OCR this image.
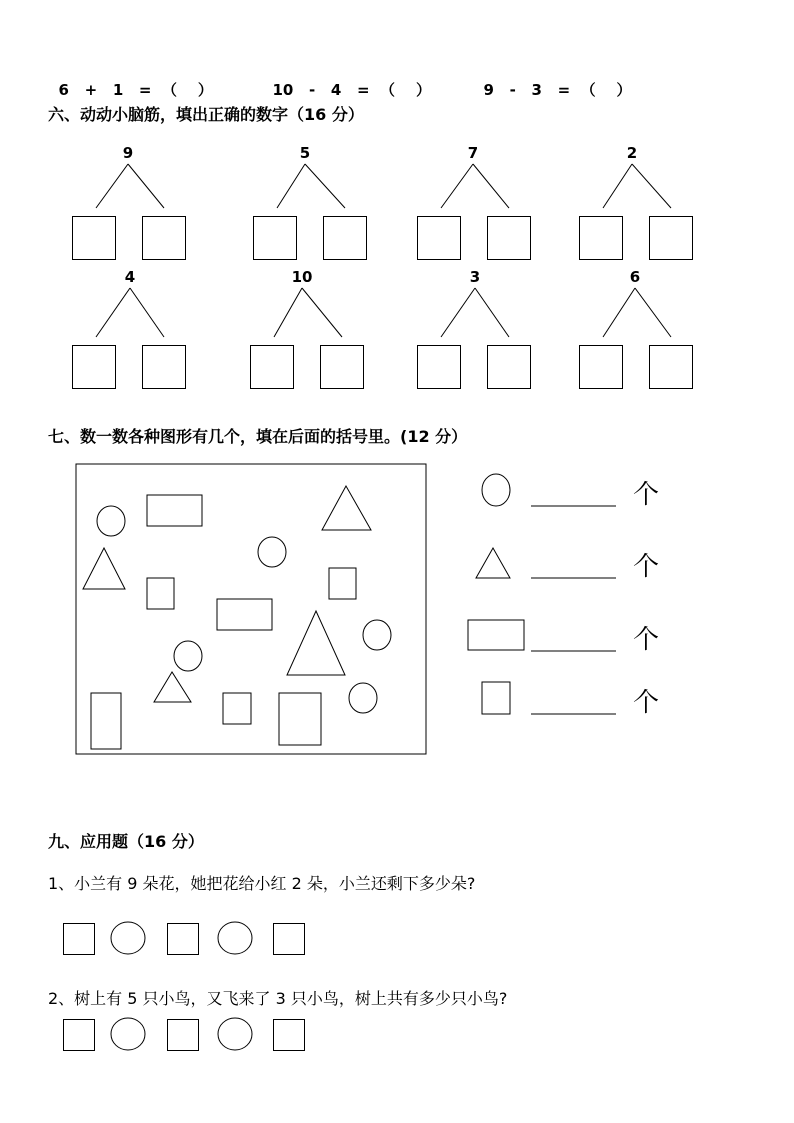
6 + 1 = （ ）	10 - 4 = （ ）	9 - 3 = （ ）

六、动动小脑筋，填出正确的数字（16 分）
9	5	7	2
4	10	3	6
七、数一数各种图形有几个，填在后面的括号里。(12 分）
个
个
个
个
九、应用题（16 分）
1、小兰有 9 朵花，她把花给小红 2 朵，小兰还剩下多少朵?
2、树上有 5 只小鸟，又飞来了 3 只小鸟，树上共有多少只小鸟?
